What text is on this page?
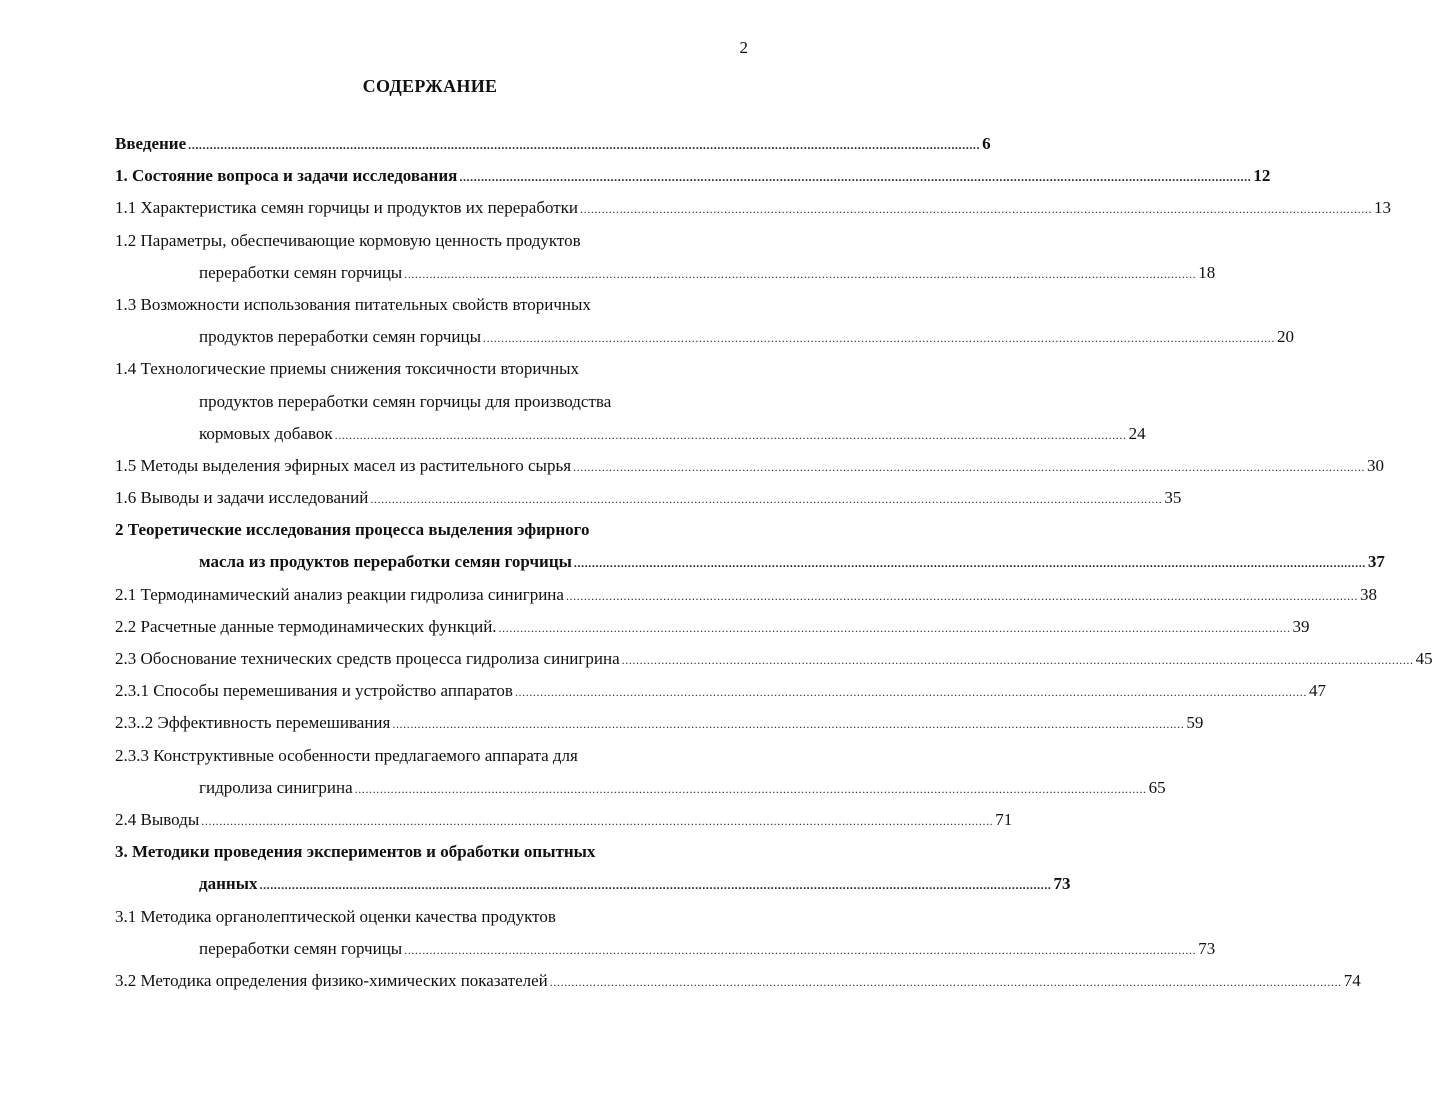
2
СОДЕРЖАНИЕ
Введение ............................................................................................................................................................................................................................ 6
1. Состояние вопроса и задачи исследования ............................................................................................................................................................................................................................ 12
1.1 Характеристика семян горчицы и продуктов их переработки ............................................................................................................................................................................................................................ 13
1.2 Параметры, обеспечивающие кормовую ценность продуктов
переработки семян горчицы ............................................................................................................................................................................................................................ 18
1.3 Возможности использования питательных свойств вторичных
продуктов переработки семян горчицы ............................................................................................................................................................................................................................ 20
1.4 Технологические приемы снижения токсичности вторичных
продуктов переработки семян горчицы для производства
кормовых добавок ............................................................................................................................................................................................................................ 24
1.5 Методы выделения эфирных масел из растительного сырья ............................................................................................................................................................................................................................ 30
1.6 Выводы и задачи исследований ............................................................................................................................................................................................................................ 35
2 Теоретические исследования процесса выделения эфирного
масла из продуктов переработки семян горчицы ............................................................................................................................................................................................................................ 37
2.1 Термодинамический анализ реакции гидролиза синигрина ............................................................................................................................................................................................................................ 38
2.2 Расчетные данные термодинамических функций. ............................................................................................................................................................................................................................ 39
2.3 Обоснование технических средств процесса гидролиза синигрина ............................................................................................................................................................................................................................ 45
2.3.1 Способы перемешивания и устройство аппаратов ............................................................................................................................................................................................................................ 47
2.3..2 Эффективность перемешивания ............................................................................................................................................................................................................................ 59
2.3.3 Конструктивные особенности предлагаемого аппарата для
гидролиза синигрина ............................................................................................................................................................................................................................ 65
2.4 Выводы ............................................................................................................................................................................................................................ 71
3. Методики проведения экспериментов и обработки опытных
данных ............................................................................................................................................................................................................................ 73
3.1 Методика органолептической оценки качества продуктов
переработки семян горчицы ............................................................................................................................................................................................................................ 73
3.2 Методика определения физико-химических показателей ............................................................................................................................................................................................................................ 74
